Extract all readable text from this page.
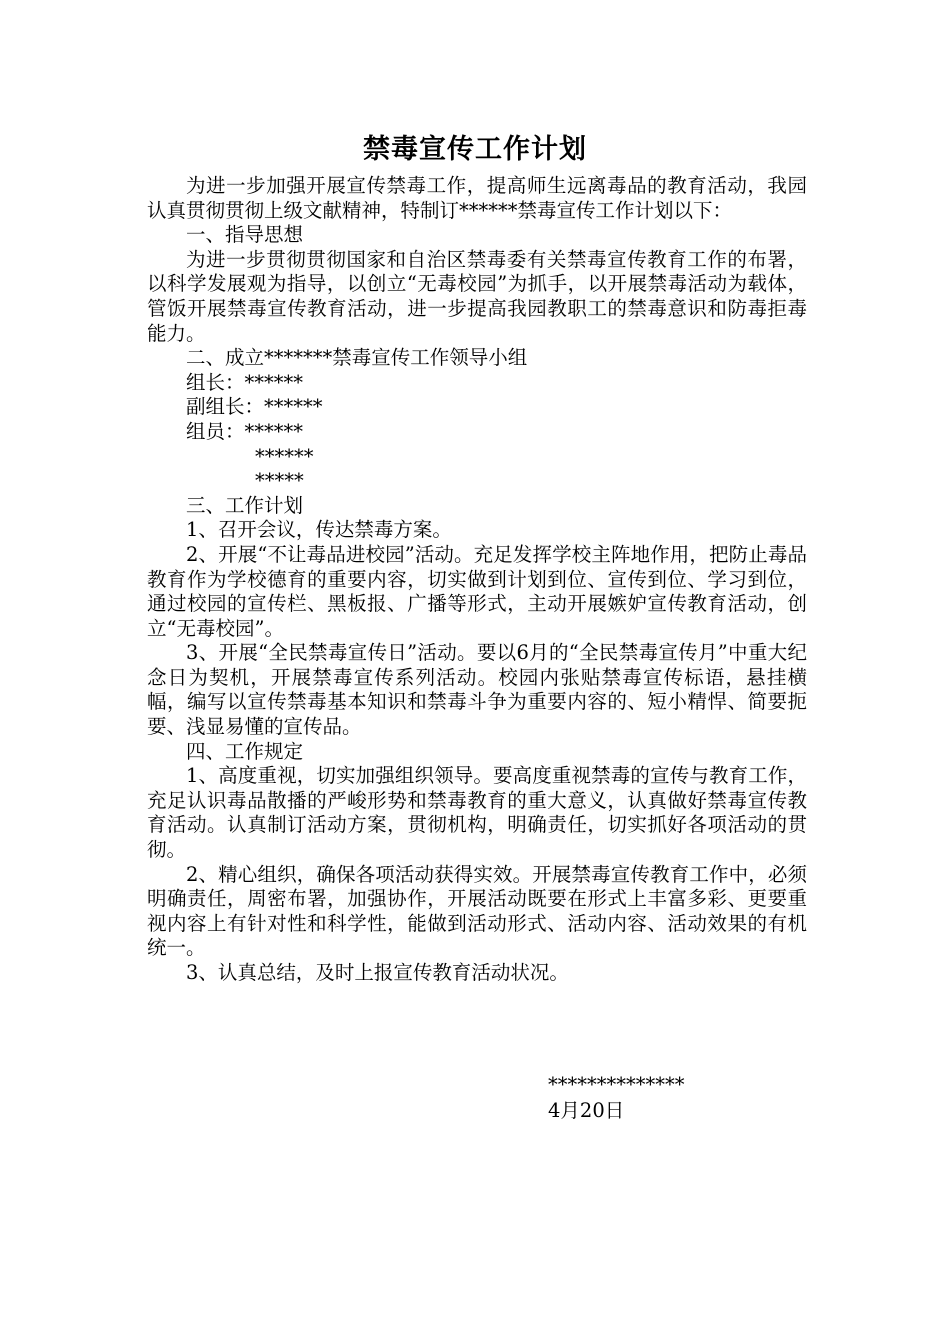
禁毒宣传工作计划

为进一步加强开展宣传禁毒工作，提高师生远离毒品的教育活动，我园认真贯彻贯彻上级文献精神，特制订******禁毒宣传工作计划以下：

一、指导思想

为进一步贯彻贯彻国家和自治区禁毒委有关禁毒宣传教育工作的布署，以科学发展观为指导，以创立“无毒校园”为抓手，以开展禁毒活动为载体，管饭开展禁毒宣传教育活动，进一步提高我园教职工的禁毒意识和防毒拒毒能力。

二、成立*******禁毒宣传工作领导小组

组长：******

副组长：******

组员：******

******

*****

三、工作计划

1、召开会议，传达禁毒方案。

2、开展“不让毒品进校园”活动。充足发挥学校主阵地作用，把防止毒品教育作为学校德育的重要内容，切实做到计划到位、宣传到位、学习到位，通过校园的宣传栏、黑板报、广播等形式，主动开展嫉妒宣传教育活动，创立“无毒校园”。

3、开展“全民禁毒宣传日”活动。要以6月的“全民禁毒宣传月”中重大纪念日为契机，开展禁毒宣传系列活动。校园内张贴禁毒宣传标语，悬挂横幅，编写以宣传禁毒基本知识和禁毒斗争为重要内容的、短小精悍、简要扼要、浅显易懂的宣传品。

四、工作规定

1、高度重视，切实加强组织领导。要高度重视禁毒的宣传与教育工作，充足认识毒品散播的严峻形势和禁毒教育的重大意义，认真做好禁毒宣传教育活动。认真制订活动方案，贯彻机构，明确责任，切实抓好各项活动的贯彻。

2、精心组织，确保各项活动获得实效。开展禁毒宣传教育工作中，必须明确责任，周密布署，加强协作，开展活动既要在形式上丰富多彩、更要重视内容上有针对性和科学性，能做到活动形式、活动内容、活动效果的有机统一。

3、认真总结，及时上报宣传教育活动状况。

**************
4月20日
